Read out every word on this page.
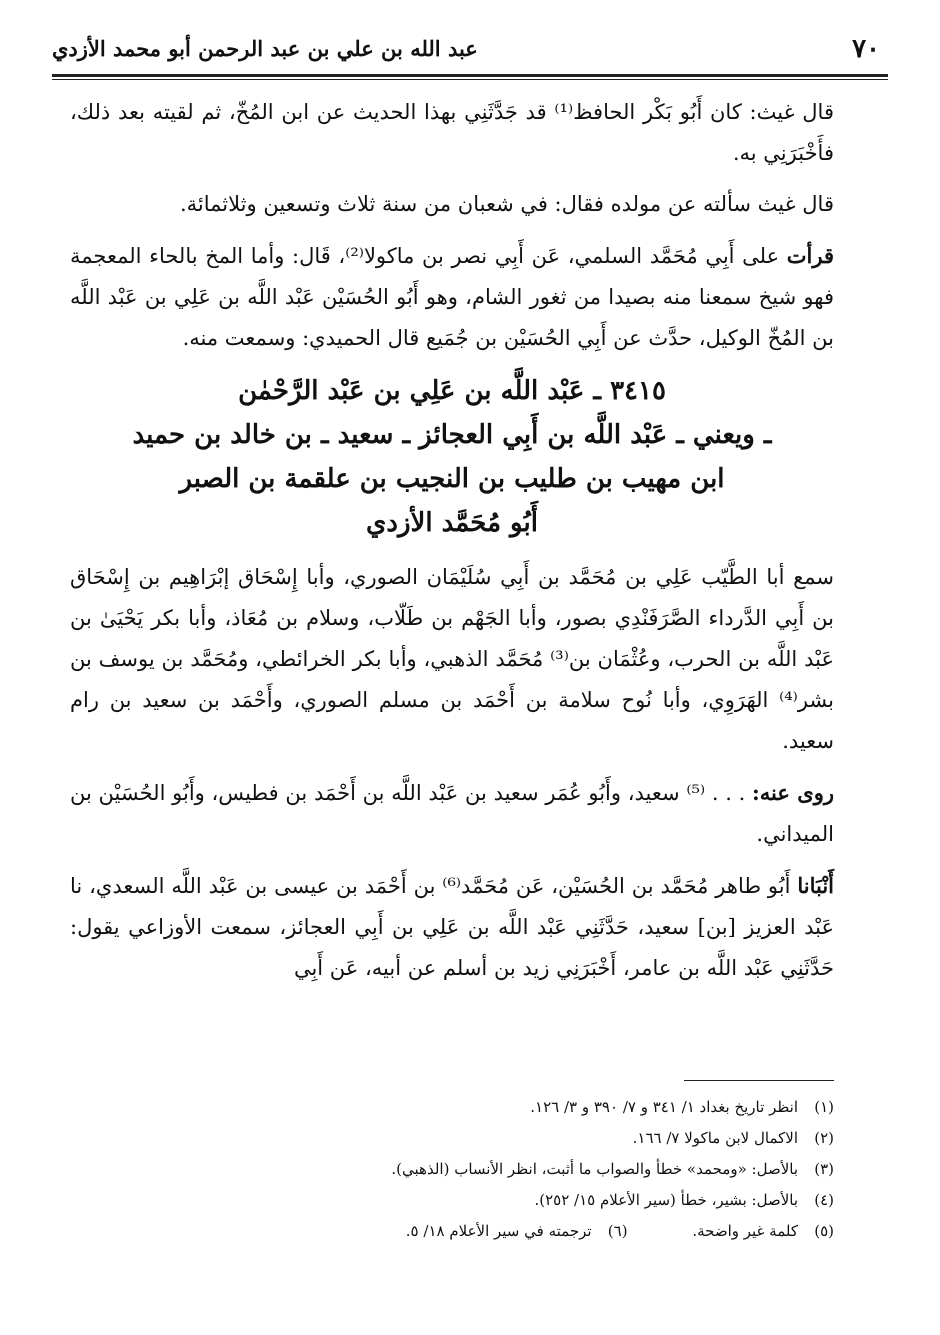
٧٠
عبد الله بن علي بن عبد الرحمن أبو محمد الأزدي

قال غيث: كان أَبُو بَكْر الحافظ⁽¹⁾ قد جَدَّثَنِي بهذا الحديث عن ابن المُخّ، ثم لقيته بعد ذلك، فأَخْبَرَنِي به.

قال غيث سألته عن مولده فقال: في شعبان من سنة ثلاث وتسعين وثلاثمائة.

قرأت على أَبِي مُحَمَّد السلمي، عَن أَبِي نصر بن ماكولا⁽²⁾، قَال: وأما المخ بالحاء المعجمة فهو شيخ سمعنا منه بصيدا من ثغور الشام، وهو أَبُو الحُسَيْن عَبْد اللَّه بن عَلِي بن عَبْد اللَّه بن المُخّ الوكيل، حدَّث عن أَبِي الحُسَيْن بن جُمَيع قال الحميدي: وسمعت منه.

٣٤١٥ ـ عَبْد اللَّه بن عَلِي بن عَبْد الرَّحْمٰن
ـ ويعني ـ عَبْد اللَّه بن أَبِي العجائز ـ سعيد ـ بن خالد بن حميد
ابن مهيب بن طليب بن النجيب بن علقمة بن الصبر
أَبُو مُحَمَّد الأزدي

سمع أبا الطَّيّب عَلِي بن مُحَمَّد بن أَبِي سُلَيْمَان الصوري، وأبا إِسْحَاق إبْرَاهِيم بن إِسْحَاق بن أَبِي الدَّرداء الصَّرَفَنْدِي بصور، وأبا الجَهْم بن طَلّاب، وسلام بن مُعَاذ، وأبا بكر يَحْيَىٰ بن عَبْد اللَّه بن الحرب، وعُثْمَان بن⁽³⁾ مُحَمَّد الذهبي، وأبا بكر الخرائطي، ومُحَمَّد بن يوسف بن بشر⁽⁴⁾ الهَرَوِي، وأبا نُوح سلامة بن أَحْمَد بن مسلم الصوري، وأَحْمَد بن سعيد بن رام سعيد.

روى عنه: . . . ⁽⁵⁾ سعيد، وأَبُو عُمَر سعيد بن عَبْد اللَّه بن أَحْمَد بن فطيس، وأَبُو الحُسَيْن بن الميداني.

أَنْبَانا أَبُو طاهر مُحَمَّد بن الحُسَيْن، عَن مُحَمَّد⁽⁶⁾ بن أَحْمَد بن عيسى بن عَبْد اللَّه السعدي، نا عَبْد العزيز [بن] سعيد، حَدَّثَنِي عَبْد اللَّه بن عَلِي بن أَبِي العجائز، سمعت الأوزاعي يقول: حَدَّثَنِي عَبْد اللَّه بن عامر، أَخْبَرَنِي زيد بن أسلم عن أبيه، عَن أَبِي

(١)انظر تاريخ بغداد ١/ ٣٤١ و ٧/ ٣٩٠ و ٣/ ١٢٦.
(٢)الاكمال لابن ماكولا ٧/ ١٦٦.
(٣)بالأصل: «ومحمد» خطأ والصواب ما أثبت، انظر الأنساب (الذهبي).
(٤)بالأصل: بشير، خطأ (سير الأعلام ١٥/ ٢٥٢).
(٥)كلمة غير واضحة. (٦)ترجمته في سير الأعلام ١٨/ ٥.
